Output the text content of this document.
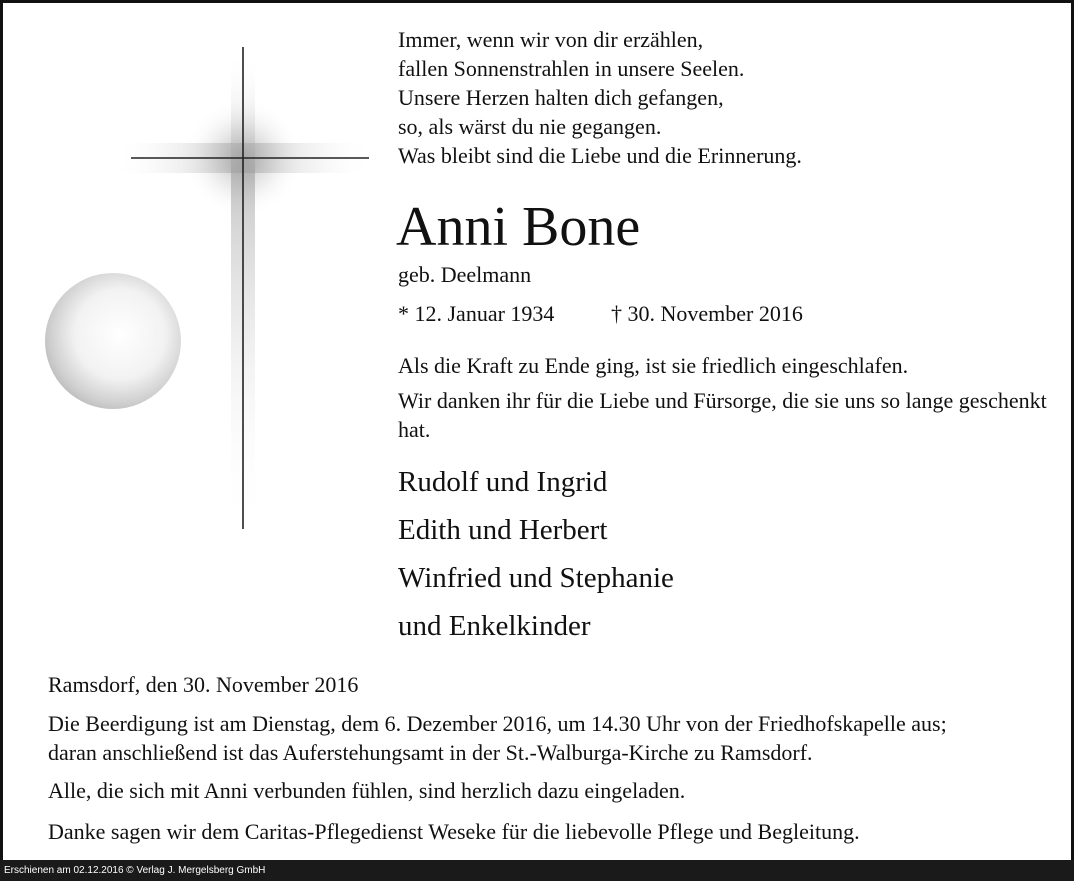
Immer, wenn wir von dir erzählen,
fallen Sonnenstrahlen in unsere Seelen.
Unsere Herzen halten dich gefangen,
so, als wärst du nie gegangen.
Was bleibt sind die Liebe und die Erinnerung.
Anni Bone
geb. Deelmann
* 12. Januar 1934	† 30. November 2016

Als die Kraft zu Ende ging, ist sie friedlich eingeschlafen.

Wir danken ihr für die Liebe und Fürsorge, die sie uns so lange geschenkt hat.

Rudolf und Ingrid
Edith und Herbert
Winfried und Stephanie
und Enkelkinder
Ramsdorf, den 30. November 2016
Die Beerdigung ist am Dienstag, dem 6. Dezember 2016, um 14.30 Uhr von der Friedhofskapelle aus;
daran anschließend ist das Auferstehungsamt in der St.-Walburga-Kirche zu Ramsdorf.
Alle, die sich mit Anni verbunden fühlen, sind herzlich dazu eingeladen.
Danke sagen wir dem Caritas-Pflegedienst Weseke für die liebevolle Pflege und Begleitung.
Erschienen am 02.12.2016 © Verlag J. Mergelsberg GmbH
